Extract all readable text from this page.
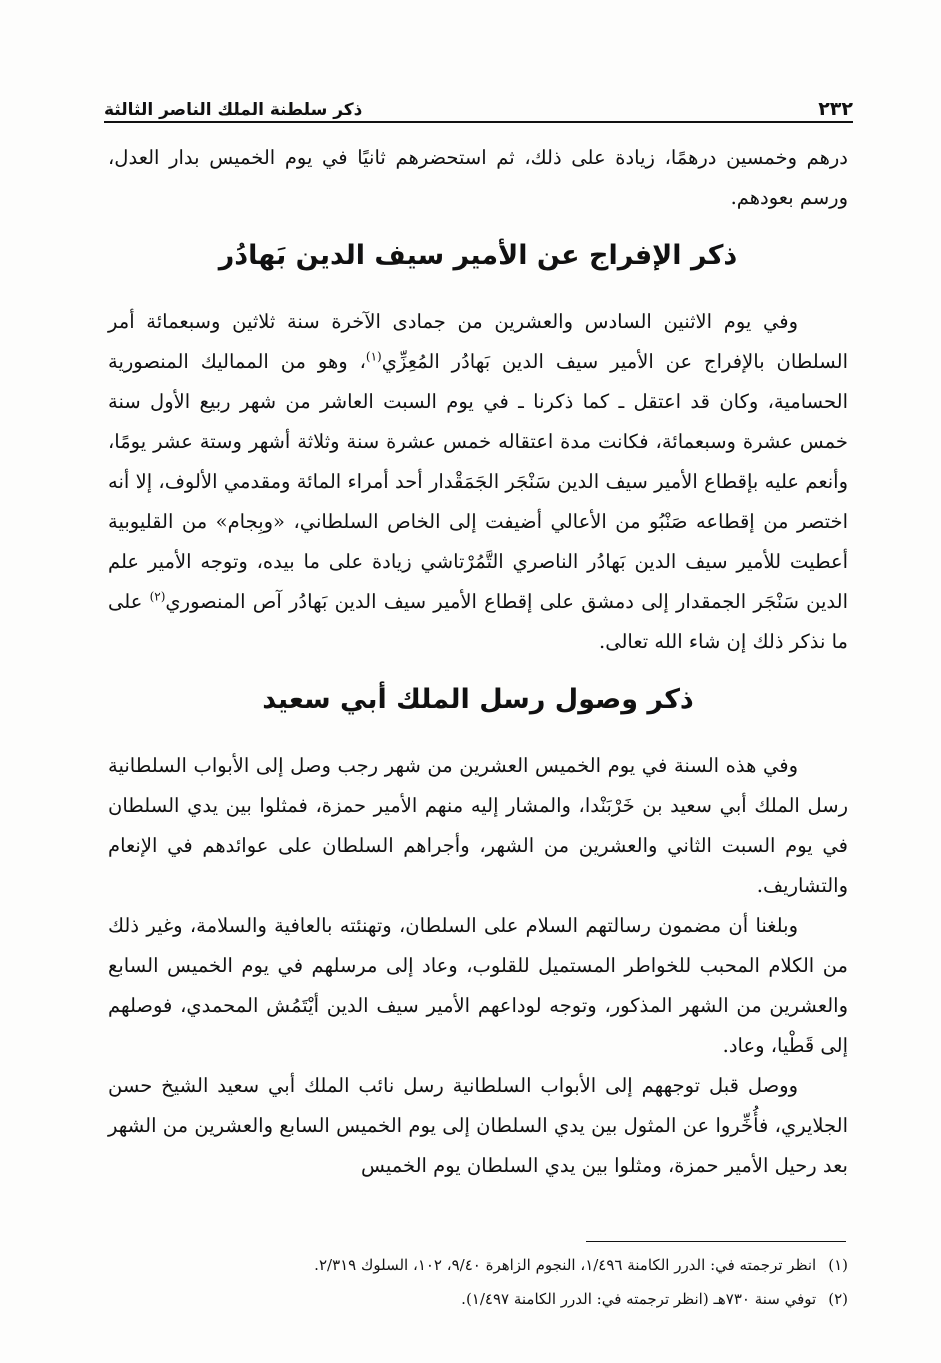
٢٣٢
ذكر سلطنة الملك الناصر الثالثة

درهم وخمسين درهمًا، زيادة على ذلك، ثم استحضرهم ثانيًا في يوم الخميس بدار العدل، ورسم بعودهم.

ذكر الإفراج عن الأمير سيف الدين بَهادُر

وفي يوم الاثنين السادس والعشرين من جمادى الآخرة سنة ثلاثين وسبعمائة أمر السلطان بالإفراج عن الأمير سيف الدين بَهادُر المُعِزِّي$^{(١)}$، وهو من المماليك المنصورية الحسامية، وكان قد اعتقل ـ كما ذكرنا ـ في يوم السبت العاشر من شهر ربيع الأول سنة خمس عشرة وسبعمائة، فكانت مدة اعتقاله خمس عشرة سنة وثلاثة أشهر وستة عشر يومًا، وأنعم عليه بإقطاع الأمير سيف الدين سَنْجَر الجَمَقْدار أحد أمراء المائة ومقدمي الألوف، إلا أنه اختصر من إقطاعه صَنْبُو من الأعالي أضيفت إلى الخاص السلطاني، «وبِجام» من القليوبية أعطيت للأمير سيف الدين بَهادُر الناصري التَّمُرْتاشي زيادة على ما بيده، وتوجه الأمير علم الدين سَنْجَر الجمقدار إلى دمشق على إقطاع الأمير سيف الدين بَهادُر آص المنصوري$^{(٢)}$ على ما نذكر ذلك إن شاء الله تعالى.

ذكر وصول رسل الملك أبي سعيد

وفي هذه السنة في يوم الخميس العشرين من شهر رجب وصل إلى الأبواب السلطانية رسل الملك أبي سعيد بن خَرْبَنْدا، والمشار إليه منهم الأمير حمزة، فمثلوا بين يدي السلطان في يوم السبت الثاني والعشرين من الشهر، وأجراهم السلطان على عوائدهم في الإنعام والتشاريف.

وبلغنا أن مضمون رسالتهم السلام على السلطان، وتهنئته بالعافية والسلامة، وغير ذلك من الكلام المحبب للخواطر المستميل للقلوب، وعاد إلى مرسلهم في يوم الخميس السابع والعشرين من الشهر المذكور، وتوجه لوداعهم الأمير سيف الدين أيْتَمُش المحمدي، فوصلهم إلى قَطْيا، وعاد.

ووصل قبل توجههم إلى الأبواب السلطانية رسل نائب الملك أبي سعيد الشيخ حسن الجلايري، فأُخِّروا عن المثول بين يدي السلطان إلى يوم الخميس السابع والعشرين من الشهر بعد رحيل الأمير حمزة، ومثلوا بين يدي السلطان يوم الخميس

(١)انظر ترجمته في: الدرر الكامنة ١/٤٩٦، النجوم الزاهرة ٩/٤٠، ١٠٢، السلوك ٢/٣١٩.
(٢)توفي سنة ٧٣٠هـ (انظر ترجمته في: الدرر الكامنة ١/٤٩٧).
